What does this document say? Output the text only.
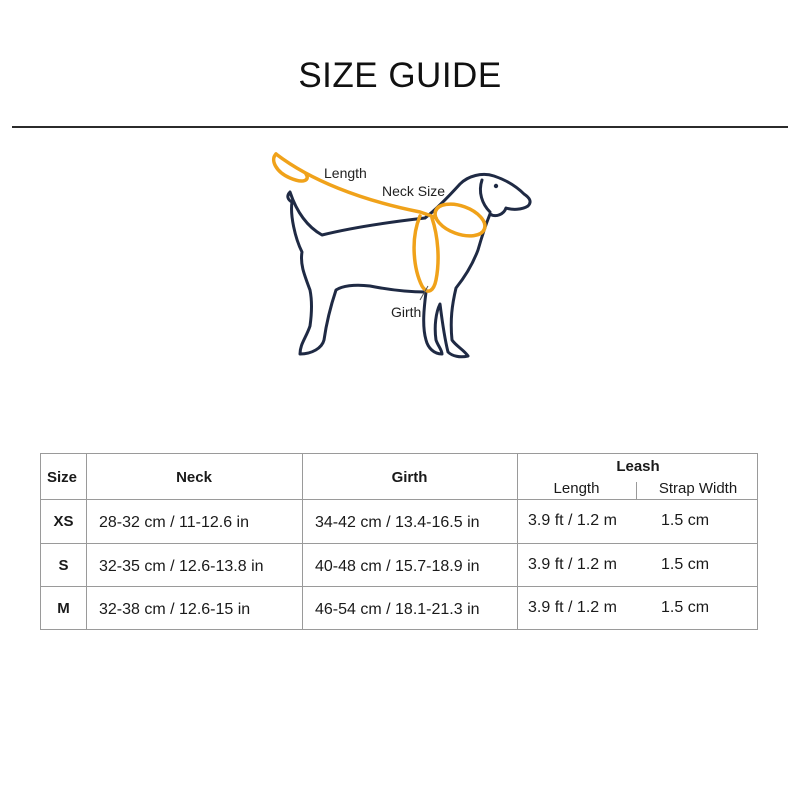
SIZE GUIDE
Length
Neck Size
Girth
Size	Neck	Girth
Leash
Length	Strap Width
XS	28-32 cm / 11-12.6 in	34-42 cm / 13.4-16.5 in	3.9 ft / 1.2 m	1.5 cm
S	32-35 cm / 12.6-13.8 in	40-48 cm / 15.7-18.9 in	3.9 ft / 1.2 m	1.5 cm
M	32-38 cm / 12.6-15 in	46-54 cm / 18.1-21.3 in	3.9 ft / 1.2 m	1.5 cm
